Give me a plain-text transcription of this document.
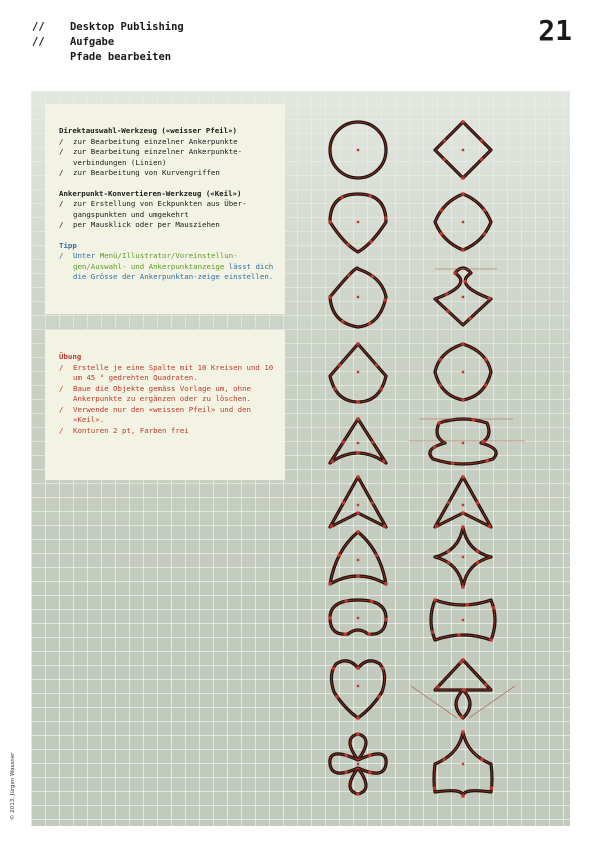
// Desktop Publishing
// Aufgabe
Pfade bearbeiten
21
Direktauswahl-Werkzeug («weisser Pfeil»)
/ zur Bearbeitung einzelner Ankerpunkte
/ zur Bearbeitung einzelner Ankerpunkte-verbindungen (Linien)
/ zur Bearbeitung von Kurvengriffen
Ankerpunkt-Konvertieren-Werkzeug («Keil»)
/ zur Erstellung von Eckpunkten aus Über-gangspunkten und umgekehrt
/ per Mausklick oder per Mausziehen
Tipp
/ Unter Menü/Illustrator/Voreinstellun-gen/Auswahl- und Ankerpunktanzeige lässt dich die Grösse der Ankerpunktan-zeige einstellen.
Übung
/ Erstelle je eine Spalte mit 10 Kreisen und 10 um 45 ° gedrehten Quadraten.
/ Baue die Objekte gemäss Vorlage um, ohne Ankerpunkte zu ergänzen oder zu löschen.
/ Verwende nur den «weissen Pfeil» und den «Keil».
/ Konturen 2 pt, Farben frei
© 2013, Jürgen Wassner
